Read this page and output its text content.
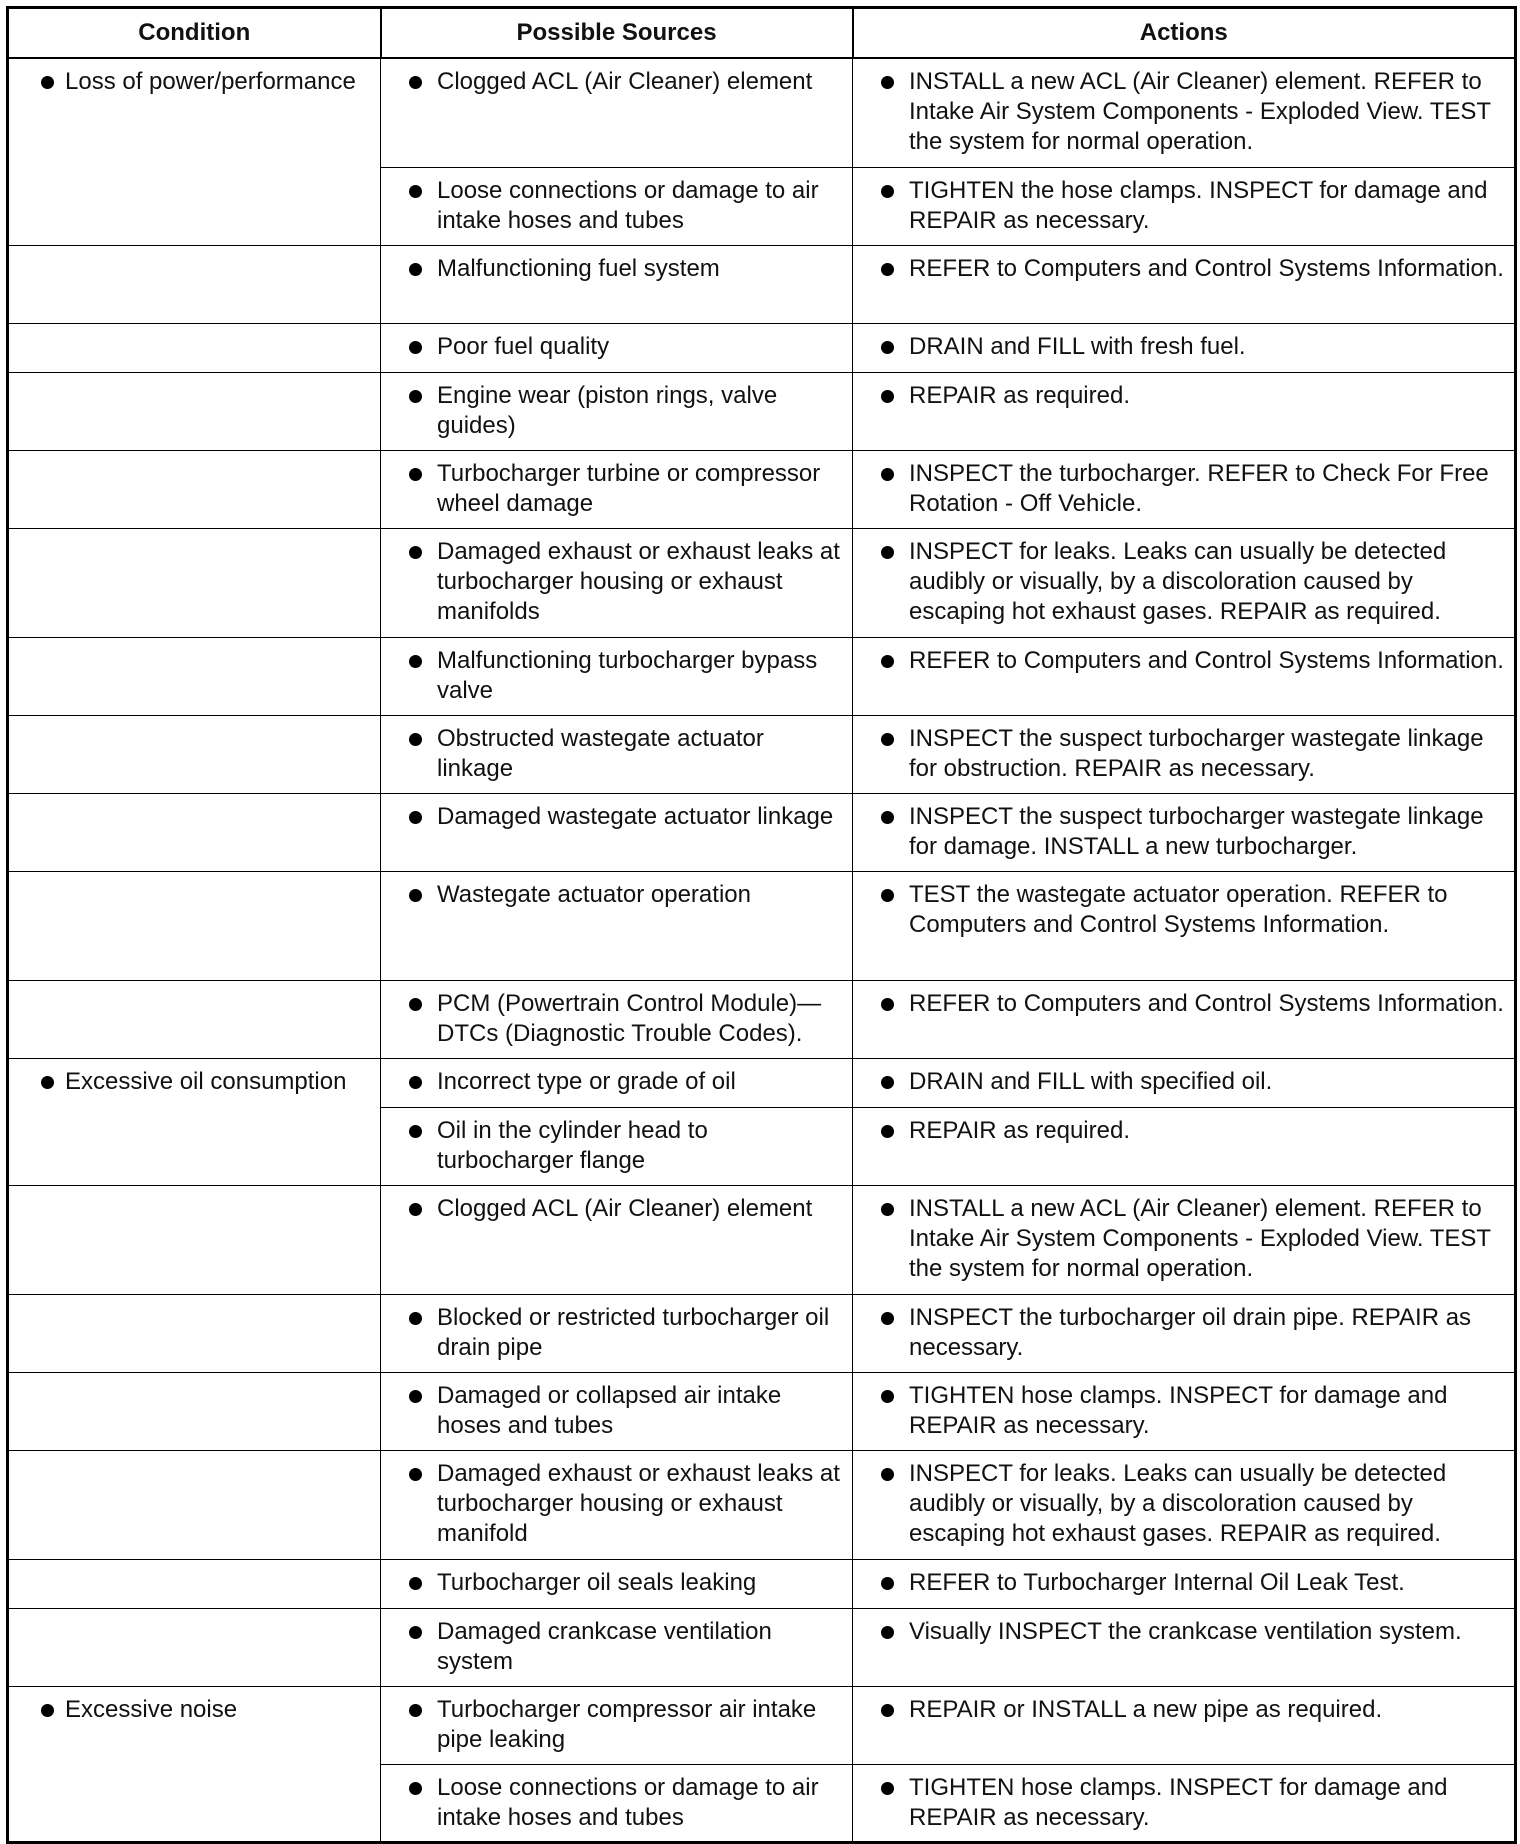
Condition	Possible Sources	Actions

Loss of power/performance	Clogged ACL (Air Cleaner) element	INSTALL a new ACL (Air Cleaner) element. REFER to Intake Air System Components - Exploded View. TEST the system for normal operation.

	Loose connections or damage to air intake hoses and tubes	TIGHTEN the hose clamps. INSPECT for damage and REPAIR as necessary.

	Malfunctioning fuel system	REFER to Computers and Control Systems Information.

	Poor fuel quality	DRAIN and FILL with fresh fuel.

	Engine wear (piston rings, valve guides)	REPAIR as required.

	Turbocharger turbine or compressor wheel damage	INSPECT the turbocharger. REFER to Check For Free Rotation - Off Vehicle.

	Damaged exhaust or exhaust leaks at turbocharger housing or exhaust manifolds	INSPECT for leaks. Leaks can usually be detected audibly or visually, by a discoloration caused by escaping hot exhaust gases. REPAIR as required.

	Malfunctioning turbocharger bypass valve	REFER to Computers and Control Systems Information.

	Obstructed wastegate actuator linkage	INSPECT the suspect turbocharger wastegate linkage for obstruction. REPAIR as necessary.

	Damaged wastegate actuator linkage	INSPECT the suspect turbocharger wastegate linkage for damage. INSTALL a new turbocharger.

	Wastegate actuator operation	TEST the wastegate actuator operation. REFER to Computers and Control Systems Information.

	PCM (Powertrain Control Module)—DTCs (Diagnostic Trouble Codes).	REFER to Computers and Control Systems Information.

Excessive oil consumption	Incorrect type or grade of oil	DRAIN and FILL with specified oil.

	Oil in the cylinder head to turbocharger flange	REPAIR as required.

	Clogged ACL (Air Cleaner) element	INSTALL a new ACL (Air Cleaner) element. REFER to Intake Air System Components - Exploded View. TEST the system for normal operation.

	Blocked or restricted turbocharger oil drain pipe	INSPECT the turbocharger oil drain pipe. REPAIR as necessary.

	Damaged or collapsed air intake hoses and tubes	TIGHTEN hose clamps. INSPECT for damage and REPAIR as necessary.

	Damaged exhaust or exhaust leaks at turbocharger housing or exhaust manifold	INSPECT for leaks. Leaks can usually be detected audibly or visually, by a discoloration caused by escaping hot exhaust gases. REPAIR as required.

	Turbocharger oil seals leaking	REFER to Turbocharger Internal Oil Leak Test.

	Damaged crankcase ventilation system	Visually INSPECT the crankcase ventilation system.

Excessive noise	Turbocharger compressor air intake pipe leaking	REPAIR or INSTALL a new pipe as required.

	Loose connections or damage to air intake hoses and tubes	TIGHTEN hose clamps. INSPECT for damage and REPAIR as necessary.
